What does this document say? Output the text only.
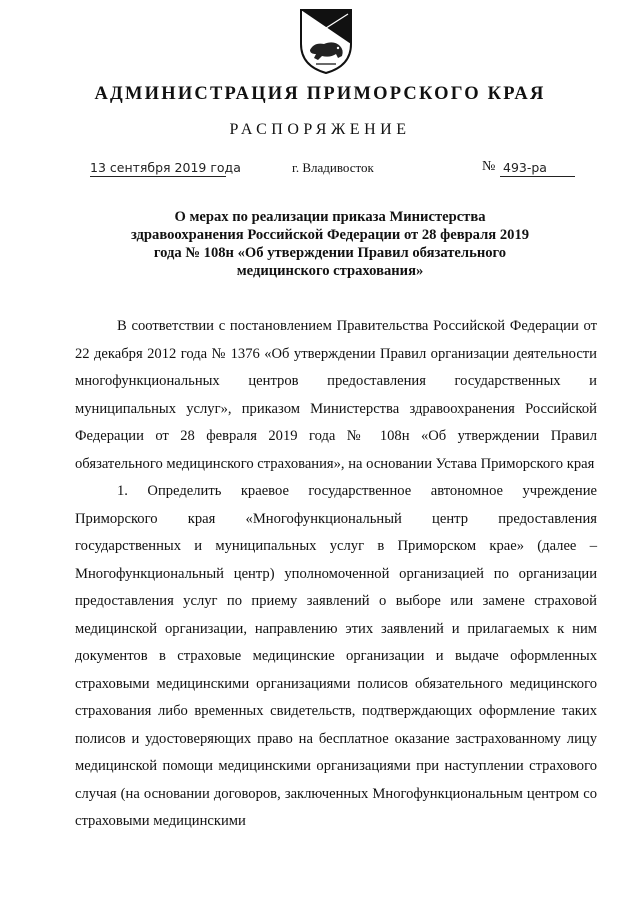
АДМИНИСТРАЦИЯ ПРИМОРСКОГО КРАЯ
РАСПОРЯЖЕНИЕ
13 сентября 2019 года	г. Владивосток	№ 493-ра
О мерах по реализации приказа Министерства здравоохранения Российской Федерации от 28 февраля 2019 года № 108н «Об утверждении Правил обязательного медицинского страхования»

В соответствии с постановлением Правительства Российской Федерации от 22 декабря 2012 года № 1376 «Об утверждении Правил организации деятельности многофункциональных центров предоставления государственных и муниципальных услуг», приказом Министерства здравоохранения Российской Федерации от 28 февраля 2019 года № 108н «Об утверждении Правил обязательного медицинского страхования», на основании Устава Приморского края

1. Определить краевое государственное автономное учреждение Приморского края «Многофункциональный центр предоставления государственных и муниципальных услуг в Приморском крае» (далее – Многофункциональный центр) уполномоченной организацией по организации предоставления услуг по приему заявлений о выборе или замене страховой медицинской организации, направлению этих заявлений и прилагаемых к ним документов в страховые медицинские организации и выдаче оформленных страховыми медицинскими организациями полисов обязательного медицинского страхования либо временных свидетельств, подтверждающих оформление таких полисов и удостоверяющих право на бесплатное оказание застрахованному лицу медицинской помощи медицинскими организациями при наступлении страхового случая (на основании договоров, заключенных Многофункциональным центром со страховыми медицинскими
